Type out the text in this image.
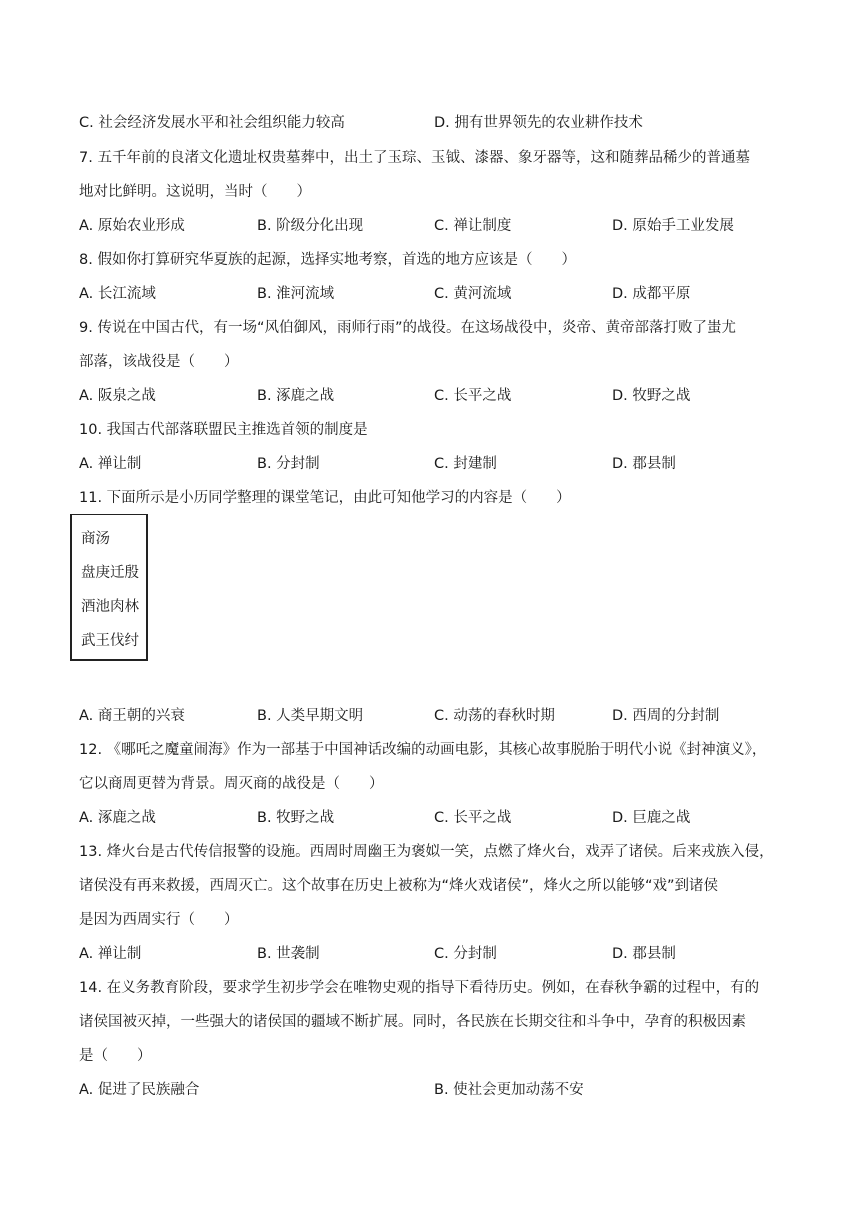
C. 社会经济发展水平和社会组织能力较高	D. 拥有世界领先的农业耕作技术
7. 五千年前的良渚文化遗址权贵墓葬中，出土了玉琮、玉钺、漆器、象牙器等，这和随葬品稀少的普通墓
地对比鲜明。这说明，当时（　　）
A. 原始农业形成	B. 阶级分化出现	C. 禅让制度	D. 原始手工业发展
8. 假如你打算研究华夏族的起源，选择实地考察，首选的地方应该是（　　）
A. 长江流域	B. 淮河流域	C. 黄河流域	D. 成都平原
9. 传说在中国古代，有一场“风伯御风，雨师行雨”的战役。在这场战役中，炎帝、黄帝部落打败了蚩尤
部落，该战役是（　　）
A. 阪泉之战	B. 涿鹿之战	C. 长平之战	D. 牧野之战
10. 我国古代部落联盟民主推选首领的制度是
A. 禅让制	B. 分封制	C. 封建制	D. 郡县制
11. 下面所示是小历同学整理的课堂笔记，由此可知他学习的内容是（　　）
商汤
盘庚迁殷
酒池肉林
武王伐纣
A. 商王朝的兴衰	B. 人类早期文明	C. 动荡的春秋时期	D. 西周的分封制
12. 《哪吒之魔童闹海》作为一部基于中国神话改编的动画电影，其核心故事脱胎于明代小说《封神演义》，
它以商周更替为背景。周灭商的战役是（　　）
A. 涿鹿之战	B. 牧野之战	C. 长平之战	D. 巨鹿之战
13. 烽火台是古代传信报警的设施。西周时周幽王为褒姒一笑，点燃了烽火台，戏弄了诸侯。后来戎族入侵，
诸侯没有再来救援，西周灭亡。这个故事在历史上被称为“烽火戏诸侯”，烽火之所以能够“戏”到诸侯
是因为西周实行（　　）
A. 禅让制	B. 世袭制	C. 分封制	D. 郡县制
14. 在义务教育阶段，要求学生初步学会在唯物史观的指导下看待历史。例如，在春秋争霸的过程中，有的
诸侯国被灭掉，一些强大的诸侯国的疆域不断扩展。同时，各民族在长期交往和斗争中，孕育的积极因素
是（　　）
A. 促进了民族融合	B. 使社会更加动荡不安
